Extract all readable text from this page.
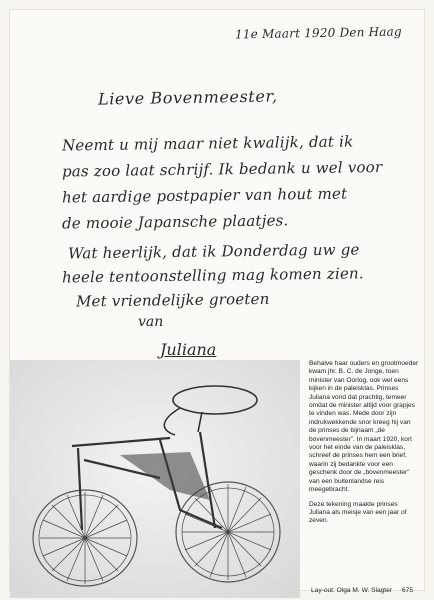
11e Maart 1920 Den Haag
Lieve Bovenmeester,
Neemt u mij maar niet kwalijk, dat ik
pas zoo laat schrijf. Ik bedank u wel voor
het aardige postpapier van hout met
de mooie Japansche plaatjes.
Wat heerlijk, dat ik Donderdag uw ge
heele tentoonstelling mag komen zien.
Met vriendelijke groeten
van
Juliana

Behalve haar ouders en grootmoeder kwam jhr. B. C. de Jonge, toen minister van Oorlog, ook wel eens kijken in de paleisklas. Prinses Juliana vond dat prachtig, temeer omdat de minister altijd voor grapjes te vinden was. Mede door zijn indrukwekkende snor kreeg hij van de prinses de bijnaam „de bovenmeester”. In maart 1920, kort voor het einde van de paleisklas, schreef de prinses hem een brief, waarin zij bedankte voor een geschenk door de „bovenmeester” van een buitenlandse reis meegebracht.

Deze tekening maakte prinses Juliana als meisje van een jaar of zeven.

Lay-out: Olga M. W. Slagter 675
